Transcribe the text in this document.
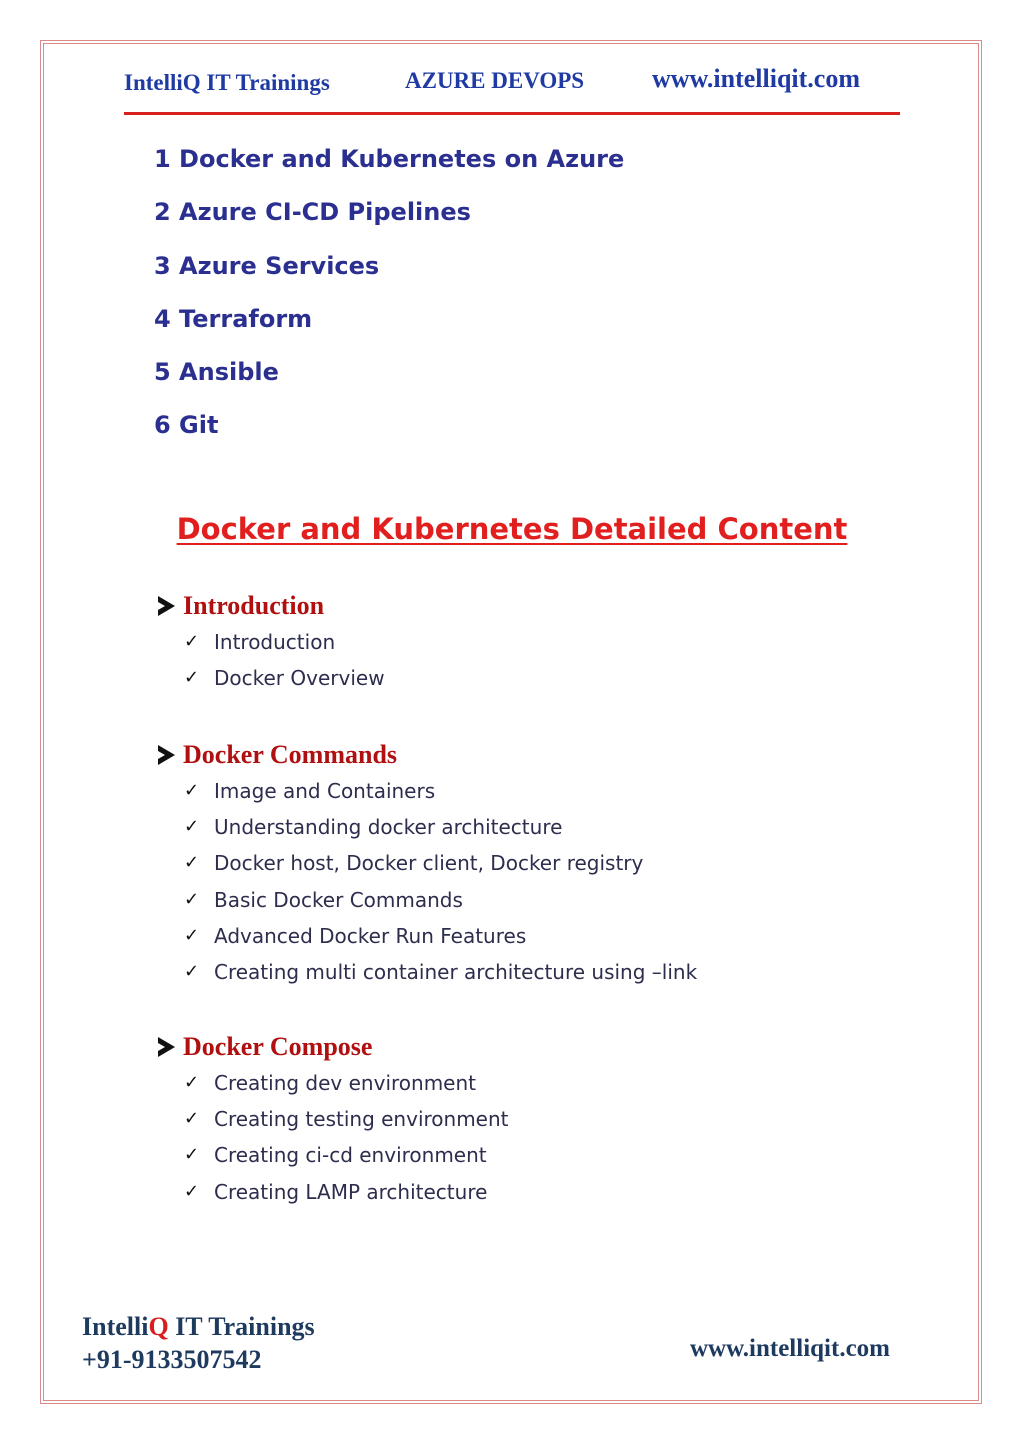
IntelliQ IT Trainings	AZURE DEVOPS	www.intelliqit.com
1 Docker and Kubernetes on Azure
2 Azure CI-CD Pipelines
3 Azure Services
4 Terraform
5 Ansible
6 Git
Docker and Kubernetes Detailed Content
Introduction
✓ Introduction
✓ Docker Overview
Docker Commands
✓ Image and Containers
✓ Understanding docker architecture
✓ Docker host, Docker client, Docker registry
✓ Basic Docker Commands
✓ Advanced Docker Run Features
✓ Creating multi container architecture using –link
Docker Compose
✓ Creating dev environment
✓ Creating testing environment
✓ Creating ci-cd environment
✓ Creating LAMP architecture
IntelliQ IT Trainings
+91-9133507542	www.intelliqit.com
